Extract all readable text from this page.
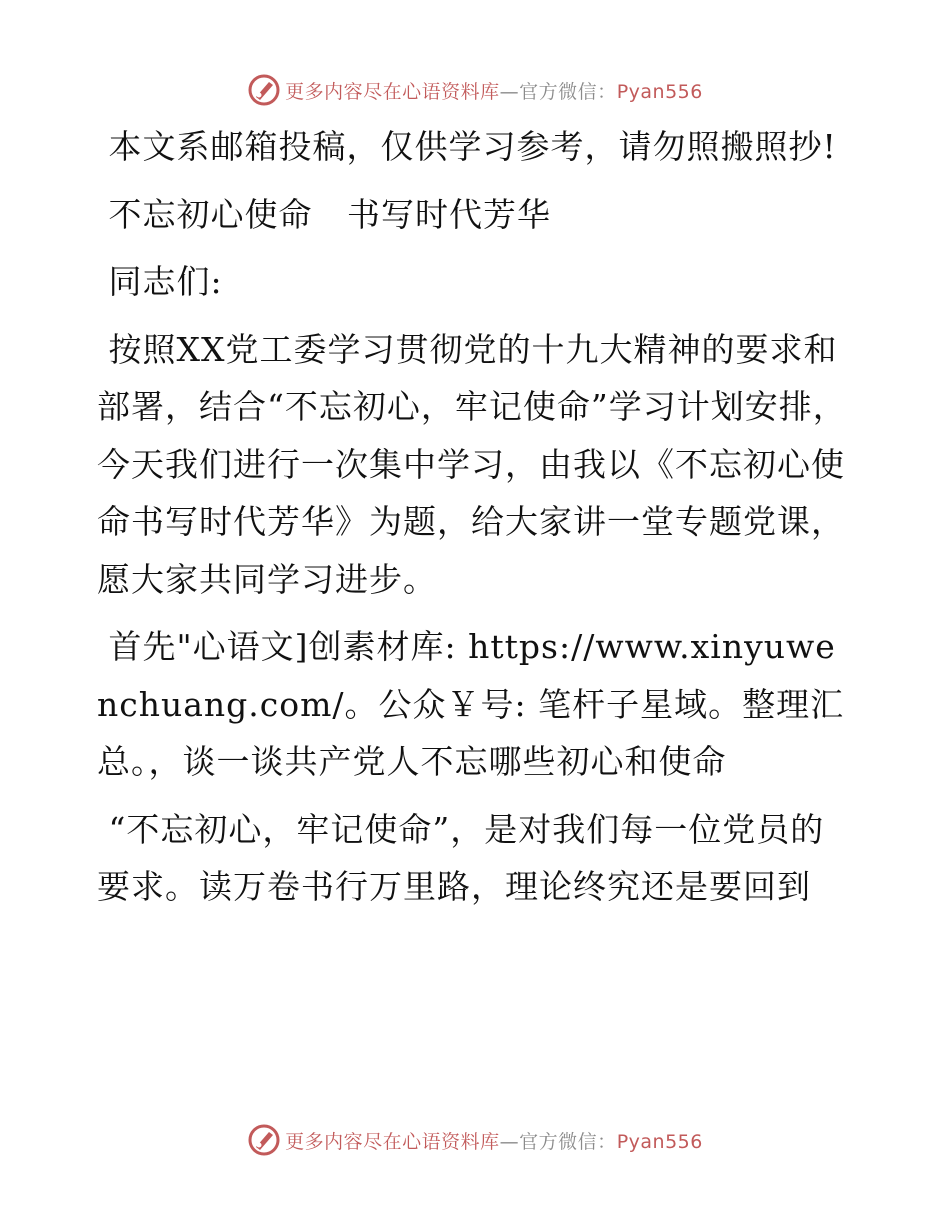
更多内容尽在心语资料库—官方微信：Pyan556

本文系邮箱投稿，仅供学习参考，请勿照搬照抄!

不忘初心使命   书写时代芳华

同志们:

按照XX党工委学习贯彻党的十九大精神的要求和部署，结合“不忘初心，牢记使命”学习计划安排，今天我们进行一次集中学习，由我以《不忘初心使命书写时代芳华》为题，给大家讲一堂专题党课，愿大家共同学习进步。

首先"心语文]创素材库: https://www.xinyuwenchuang.com/。公众￥号: 笔杆子星域。整理汇总。，谈一谈共产党人不忘哪些初心和使命

“不忘初心，牢记使命”，是对我们每一位党员的要求。读万卷书行万里路，理论终究还是要回到

更多内容尽在心语资料库—官方微信：Pyan556
